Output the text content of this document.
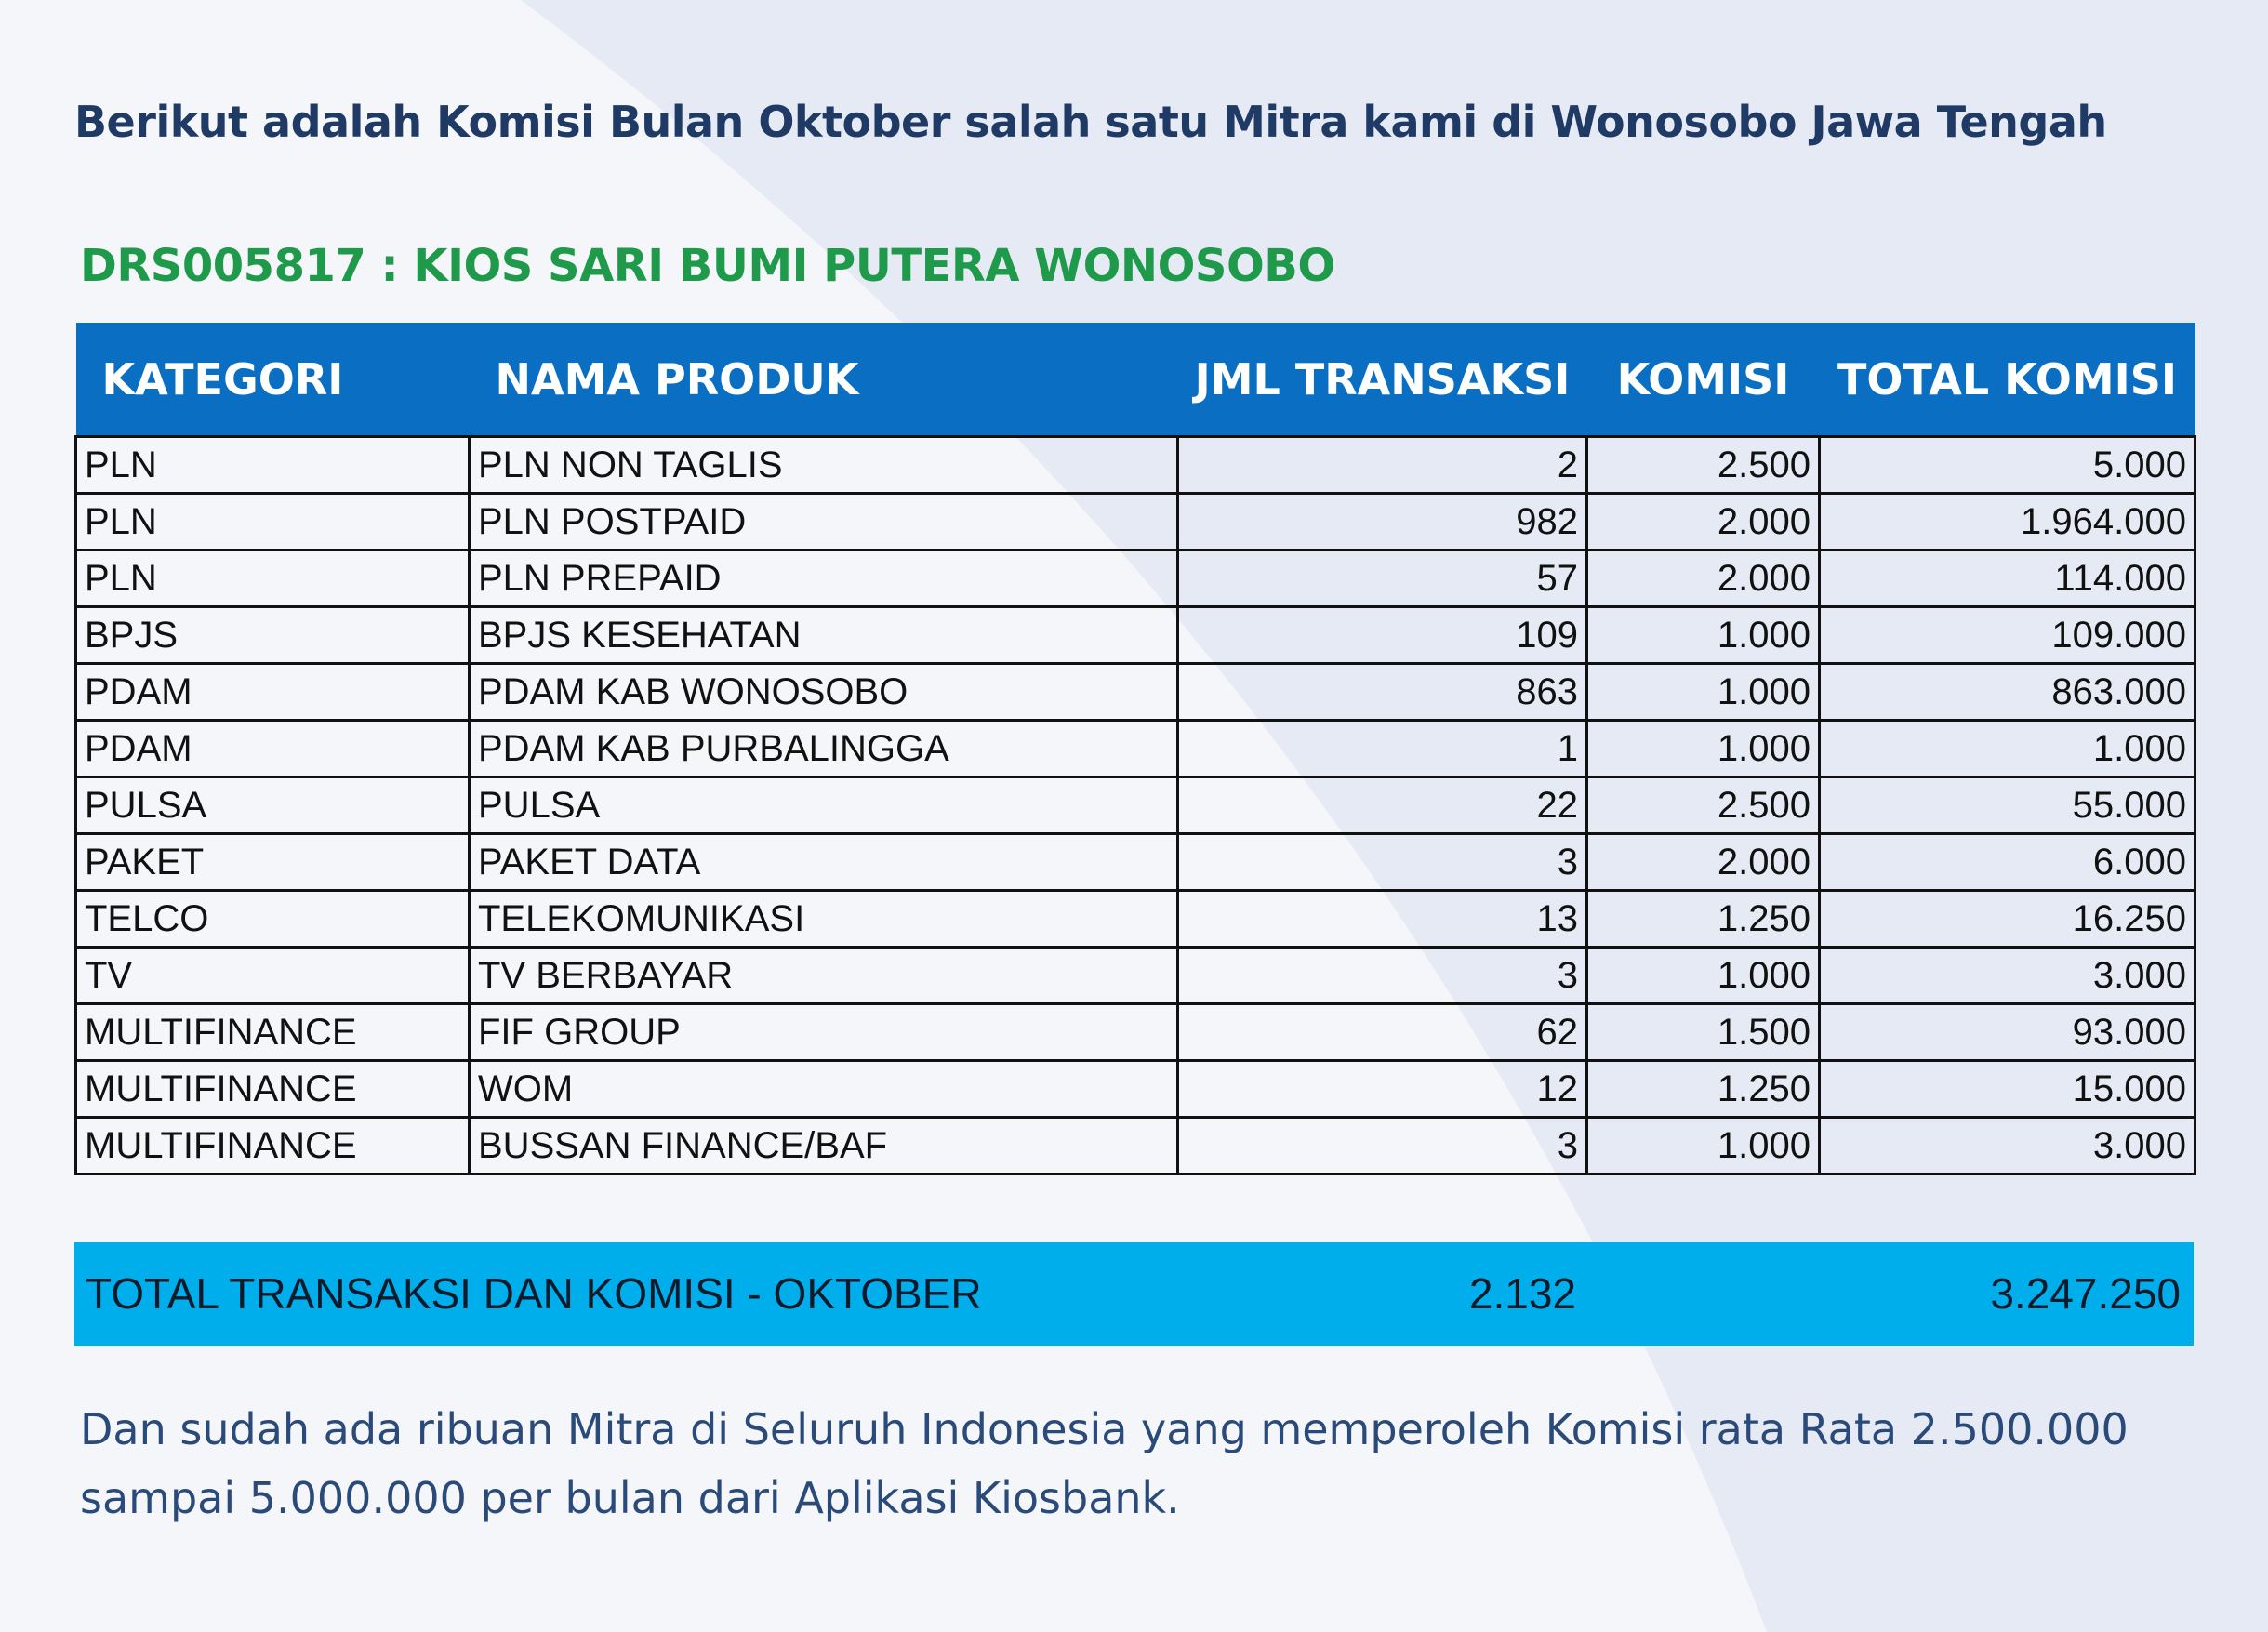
Berikut adalah Komisi Bulan Oktober salah satu Mitra kami di Wonosobo Jawa Tengah
DRS005817 : KIOS SARI BUMI PUTERA WONOSOBO
KATEGORI	NAMA PRODUK	JML TRANSAKSI	KOMISI	TOTAL KOMISI
PLN	PLN NON TAGLIS	2	2.500	5.000
PLN	PLN POSTPAID	982	2.000	1.964.000
PLN	PLN PREPAID	57	2.000	114.000
BPJS	BPJS KESEHATAN	109	1.000	109.000
PDAM	PDAM KAB WONOSOBO	863	1.000	863.000
PDAM	PDAM KAB PURBALINGGA	1	1.000	1.000
PULSA	PULSA	22	2.500	55.000
PAKET	PAKET DATA	3	2.000	6.000
TELCO	TELEKOMUNIKASI	13	1.250	16.250
TV	TV BERBAYAR	3	1.000	3.000
MULTIFINANCE	FIF GROUP	62	1.500	93.000
MULTIFINANCE	WOM	12	1.250	15.000
MULTIFINANCE	BUSSAN FINANCE/BAF	3	1.000	3.000
TOTAL TRANSAKSI DAN KOMISI - OKTOBER	2.132	3.247.250
Dan sudah ada ribuan Mitra di Seluruh Indonesia yang memperoleh Komisi rata Rata 2.500.000
sampai 5.000.000 per bulan dari Aplikasi Kiosbank.
